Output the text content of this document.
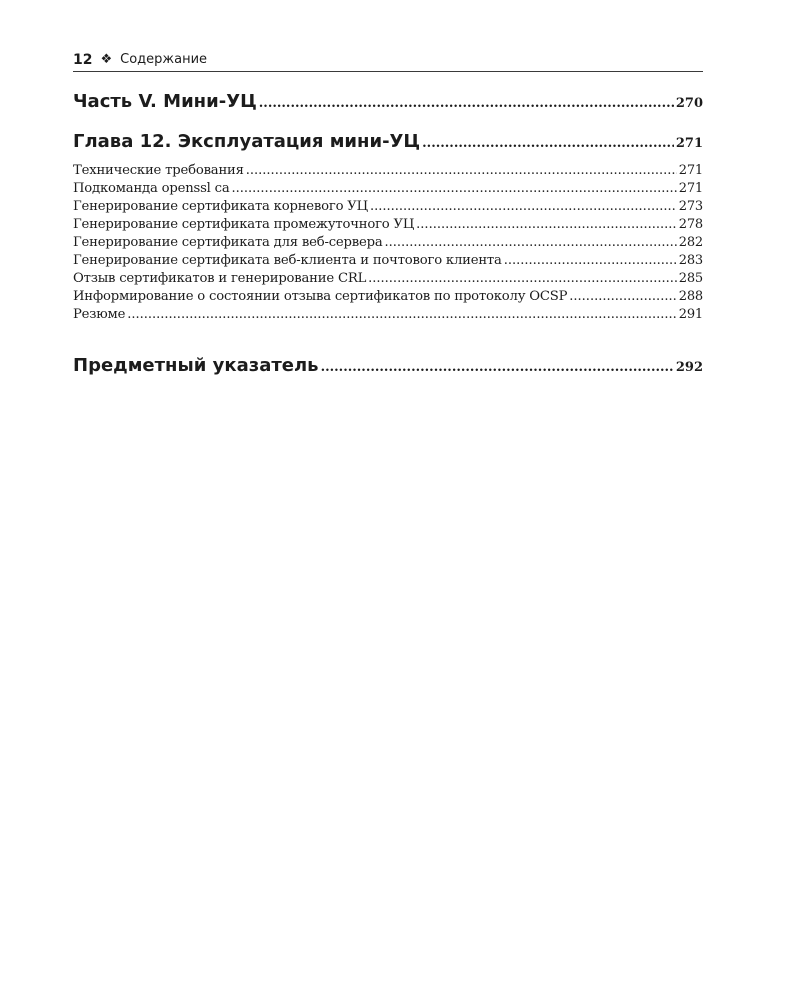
12 ❖ Содержание
Часть V. Мини-УЦ .....	270
Глава 12. Эксплуатация мини-УЦ .....	271
Технические требования .....	271
Подкоманда openssl ca .....	271
Генерирование сертификата корневого УЦ .....	273
Генерирование сертификата промежуточного УЦ .....	278
Генерирование сертификата для веб-сервера .....	282
Генерирование сертификата веб-клиента и почтового клиента .....	283
Отзыв сертификатов и генерирование CRL .....	285
Информирование о состоянии отзыва сертификатов по протоколу OCSP .....	288
Резюме .....	291
Предметный указатель .....	292
